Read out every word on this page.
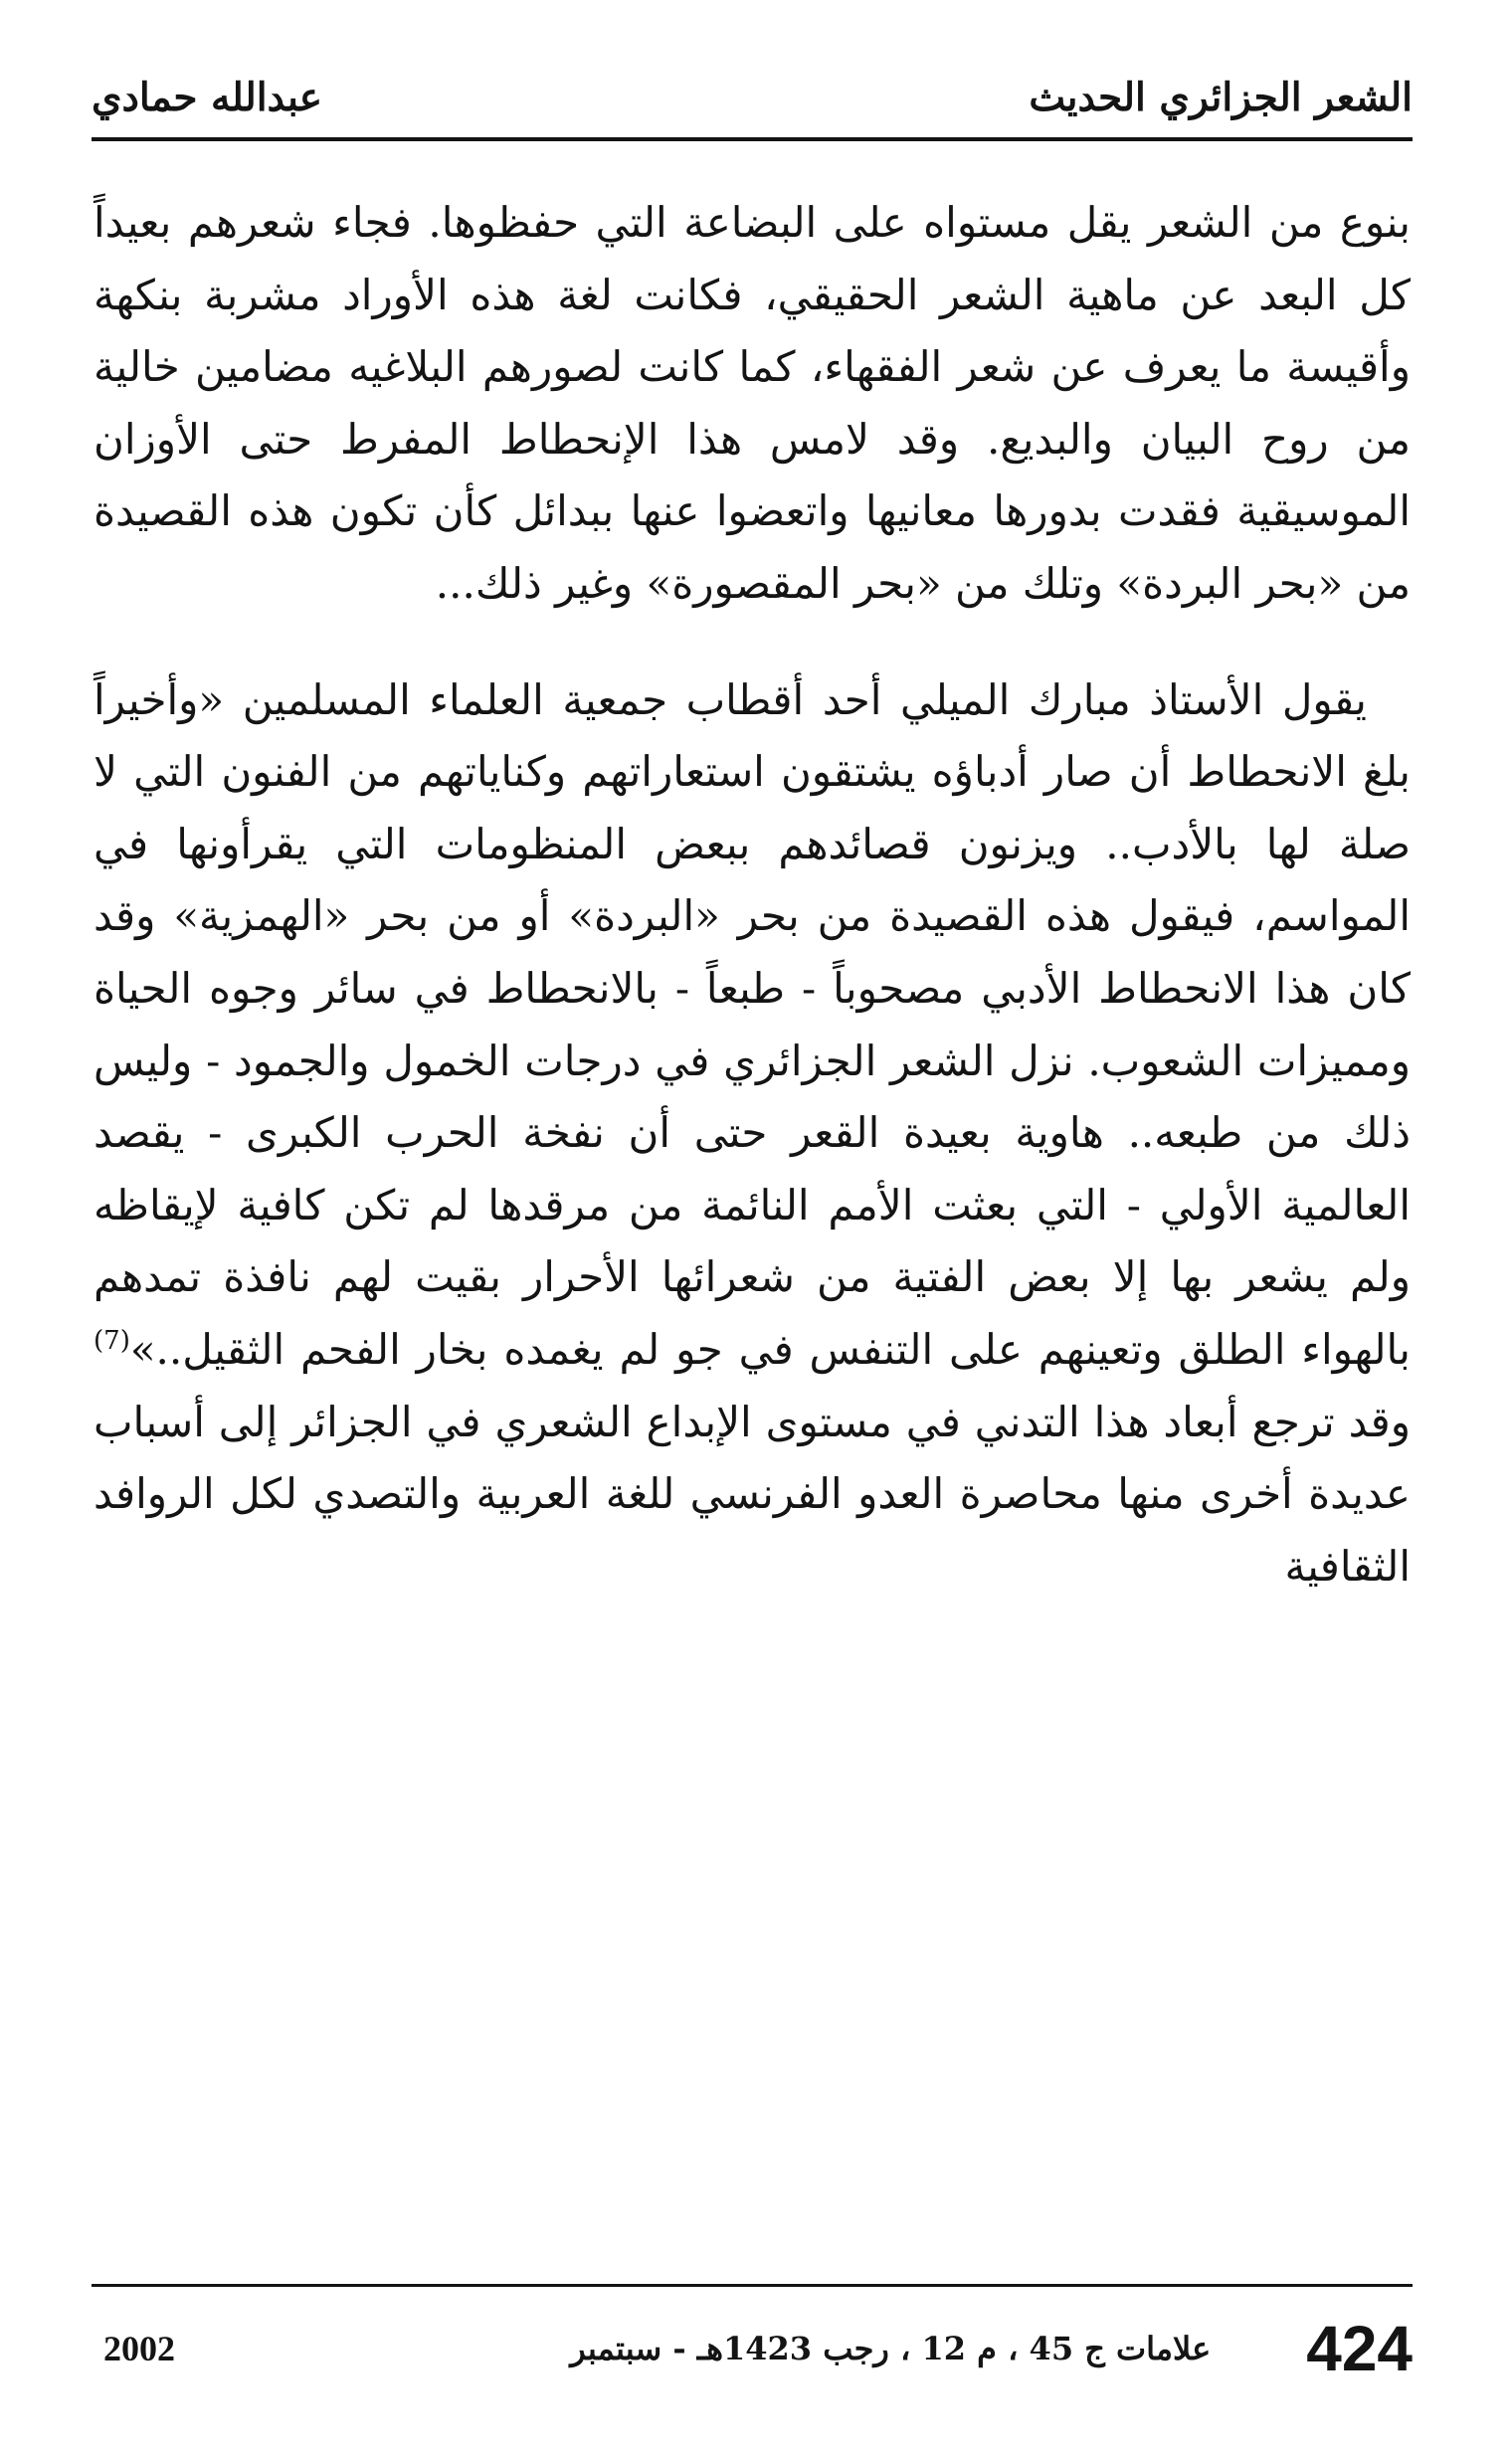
الشعر الجزائري الحديث
عبدالله حمادي

بنوع من الشعر يقل مستواه على البضاعة التي حفظوها. فجاء شعرهم بعيداً كل البعد عن ماهية الشعر الحقيقي، فكانت لغة هذه الأوراد مشربة بنكهة وأقيسة ما يعرف عن شعر الفقهاء، كما كانت لصورهم البلاغيه مضامين خالية من روح البيان والبديع. وقد لامس هذا الإنحطاط المفرط حتى الأوزان الموسيقية فقدت بدورها معانيها واتعضوا عنها ببدائل كأن تكون هذه القصيدة من «بحر البردة» وتلك من «بحر المقصورة» وغير ذلك...

يقول الأستاذ مبارك الميلي أحد أقطاب جمعية العلماء المسلمين «وأخيراً بلغ الانحطاط أن صار أدباؤه يشتقون استعاراتهم وكناياتهم من الفنون التي لا صلة لها بالأدب.. ويزنون قصائدهم ببعض المنظومات التي يقرأونها في المواسم، فيقول هذه القصيدة من بحر «البردة» أو من بحر «الهمزية» وقد كان هذا الانحطاط الأدبي مصحوباً - طبعاً - بالانحطاط في سائر وجوه الحياة ومميزات الشعوب. نزل الشعر الجزائري في درجات الخمول والجمود - وليس ذلك من طبعه.. هاوية بعيدة القعر حتى أن نفخة الحرب الكبرى - يقصد العالمية الأولي - التي بعثت الأمم النائمة من مرقدها لم تكن كافية لإيقاظه ولم يشعر بها إلا بعض الفتية من شعرائها الأحرار بقيت لهم نافذة تمدهم بالهواء الطلق وتعينهم على التنفس في جو لم يغمده بخار الفحم الثقيل..»$^{(7)}$ وقد ترجع أبعاد هذا التدني في مستوى الإبداع الشعري في الجزائر إلى أسباب عديدة أخرى منها محاصرة العدو الفرنسي للغة العربية والتصدي لكل الروافد الثقافية

علامات ج 45 ، م 12 ، رجب 1423هـ - سبتمبر
2002	424
